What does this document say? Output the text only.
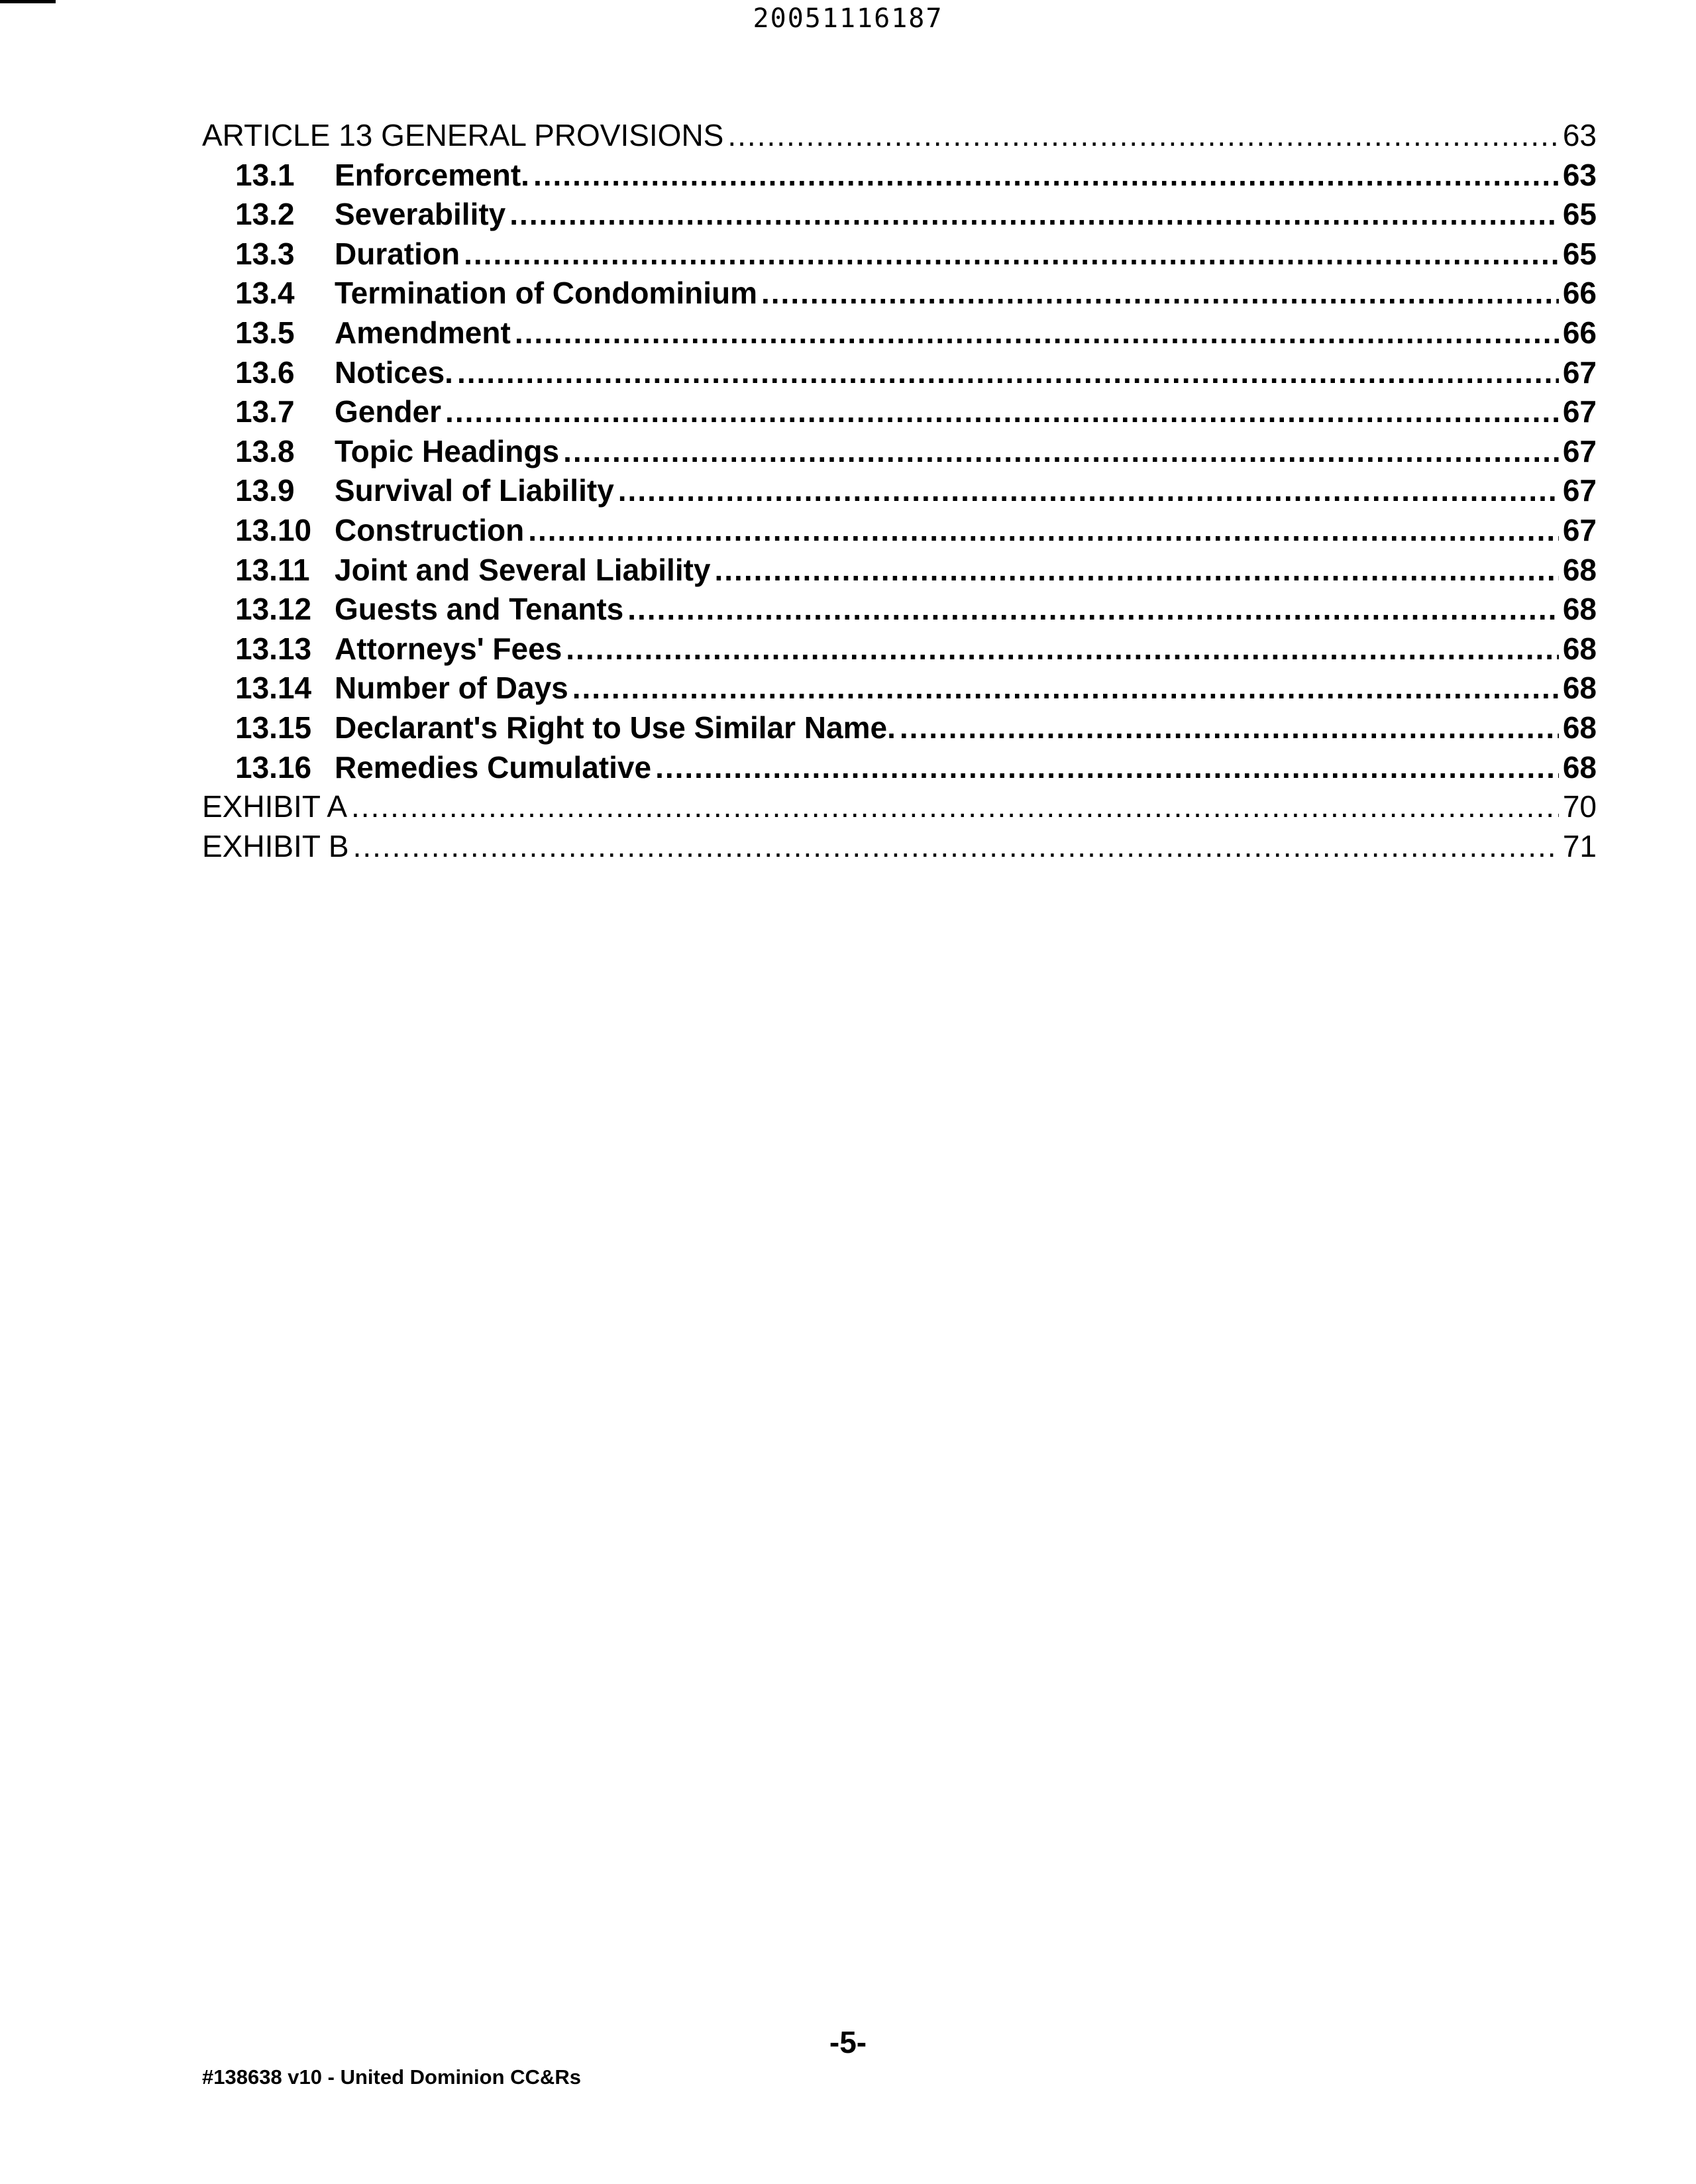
20051116187
ARTICLE 13 GENERAL PROVISIONS .....	63
13.1	Enforcement. .....	63
13.2	Severability .....	65
13.3	Duration .....	65
13.4	Termination of Condominium .....	66
13.5	Amendment .....	66
13.6	Notices. .....	67
13.7	Gender .....	67
13.8	Topic Headings .....	67
13.9	Survival of Liability .....	67
13.10 Construction .....	67
13.11 Joint and Several Liability .....	68
13.12 Guests and Tenants .....	68
13.13 Attorneys' Fees .....	68
13.14 Number of Days .....	68
13.15 Declarant's Right to Use Similar Name. .....	68
13.16 Remedies Cumulative .....	68
EXHIBIT A .....	70
EXHIBIT B .....	71
-5-
#138638 v10 - United Dominion CC&Rs
